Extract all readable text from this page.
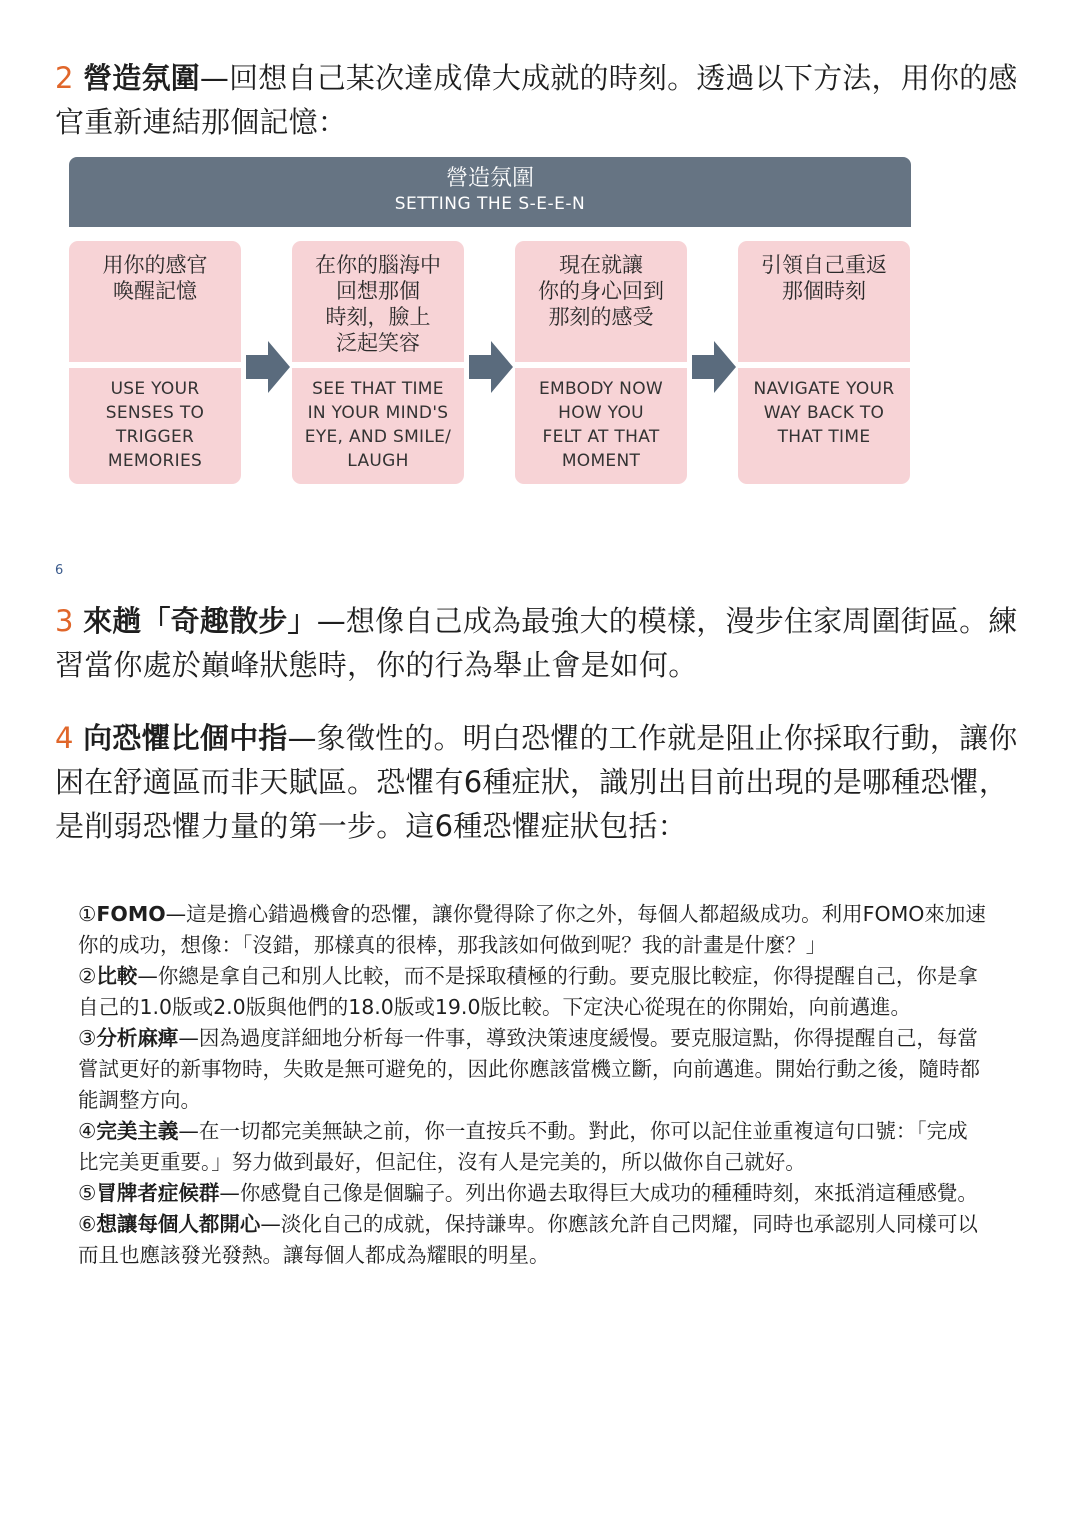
2 營造氛圍—回想自己某次達成偉大成就的時刻。透過以下方法，用你的感官重新連結那個記憶：
營造氛圍
SETTING THE S-E-E-N
用你的感官
喚醒記憶
USE YOUR
SENSES TO
TRIGGER
MEMORIES
在你的腦海中
回想那個
時刻，臉上
泛起笑容
SEE THAT TIME
IN YOUR MIND'S
EYE, AND SMILE/
LAUGH
現在就讓
你的身心回到
那刻的感受
EMBODY NOW
HOW YOU
FELT AT THAT
MOMENT
引領自己重返
那個時刻
NAVIGATE YOUR
WAY BACK TO
THAT TIME
6
3 來趟「奇趣散步」—想像自己成為最強大的模樣，漫步住家周圍街區。練習當你處於巔峰狀態時，你的行為舉止會是如何。
4 向恐懼比個中指—象徵性的。明白恐懼的工作就是阻止你採取行動，讓你困在舒適區而非天賦區。恐懼有6種症狀，識別出目前出現的是哪種恐懼，是削弱恐懼力量的第一步。這6種恐懼症狀包括：

①FOMO—這是擔心錯過機會的恐懼，讓你覺得除了你之外，每個人都超級成功。利用FOMO來加速你的成功，想像：「沒錯，那樣真的很棒，那我該如何做到呢？我的計畫是什麼？」

②比較—你總是拿自己和別人比較，而不是採取積極的行動。要克服比較症，你得提醒自己，你是拿自己的1.0版或2.0版與他們的18.0版或19.0版比較。下定決心從現在的你開始，向前邁進。

③分析麻痺—因為過度詳細地分析每一件事，導致決策速度緩慢。要克服這點，你得提醒自己，每當嘗試更好的新事物時，失敗是無可避免的，因此你應該當機立斷，向前邁進。開始行動之後，隨時都能調整方向。

④完美主義—在一切都完美無缺之前，你一直按兵不動。對此，你可以記住並重複這句口號：「完成比完美更重要。」努力做到最好，但記住，沒有人是完美的，所以做你自己就好。

⑤冒牌者症候群—你感覺自己像是個騙子。列出你過去取得巨大成功的種種時刻，來抵消這種感覺。

⑥想讓每個人都開心—淡化自己的成就，保持謙卑。你應該允許自己閃耀，同時也承認別人同樣可以而且也應該發光發熱。讓每個人都成為耀眼的明星。
